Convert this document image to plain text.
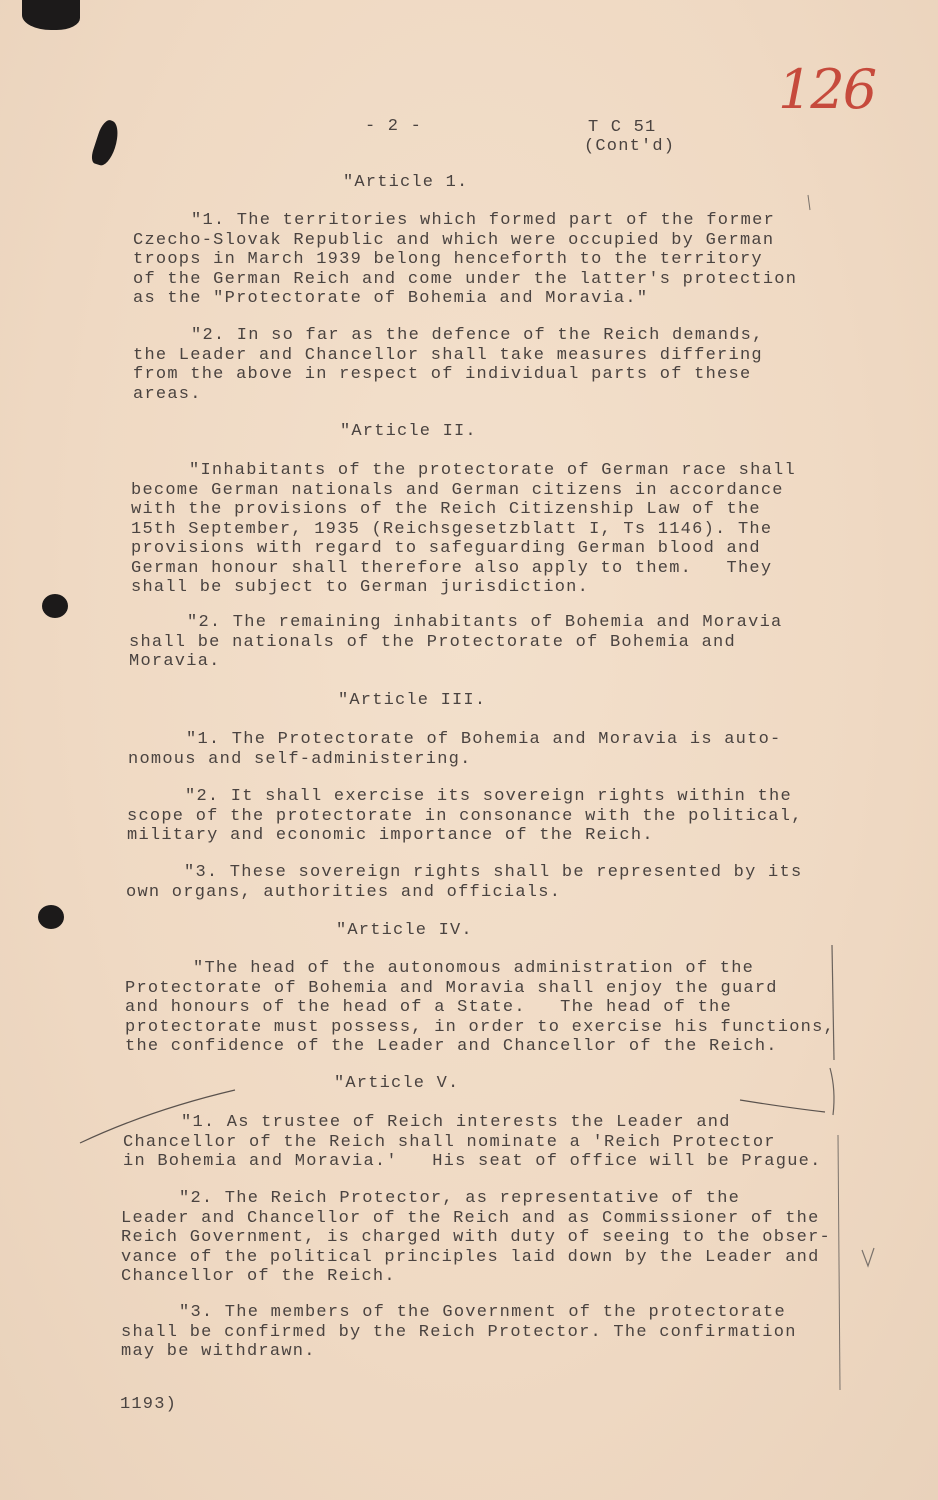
126
- 2 -	T C 51
(Cont'd)
"Article 1.
"1. The territories which formed part of the former
Czecho-Slovak Republic and which were occupied by German
troops in March 1939 belong henceforth to the territory
of the German Reich and come under the latter's protection
as the "Protectorate of Bohemia and Moravia."
"2. In so far as the defence of the Reich demands,
the Leader and Chancellor shall take measures differing
from the above in respect of individual parts of these
areas.
"Article II.
"Inhabitants of the protectorate of German race shall
become German nationals and German citizens in accordance
with the provisions of the Reich Citizenship Law of the
15th September, 1935 (Reichsgesetzblatt I, Ts 1146). The
provisions with regard to safeguarding German blood and
German honour shall therefore also apply to them.   They
shall be subject to German jurisdiction.
"2. The remaining inhabitants of Bohemia and Moravia
shall be nationals of the Protectorate of Bohemia and
Moravia.
"Article III.
"1. The Protectorate of Bohemia and Moravia is auto-
nomous and self-administering.
"2. It shall exercise its sovereign rights within the
scope of the protectorate in consonance with the political,
military and economic importance of the Reich.
"3. These sovereign rights shall be represented by its
own organs, authorities and officials.
"Article IV.
"The head of the autonomous administration of the
Protectorate of Bohemia and Moravia shall enjoy the guard
and honours of the head of a State.   The head of the
protectorate must possess, in order to exercise his functions,
the confidence of the Leader and Chancellor of the Reich.
"Article V.
"1. As trustee of Reich interests the Leader and
Chancellor of the Reich shall nominate a 'Reich Protector
in Bohemia and Moravia.'   His seat of office will be Prague.
"2. The Reich Protector, as representative of the
Leader and Chancellor of the Reich and as Commissioner of the
Reich Government, is charged with duty of seeing to the obser-
vance of the political principles laid down by the Leader and
Chancellor of the Reich.
"3. The members of the Government of the protectorate
shall be confirmed by the Reich Protector. The confirmation
may be withdrawn.
1193)
